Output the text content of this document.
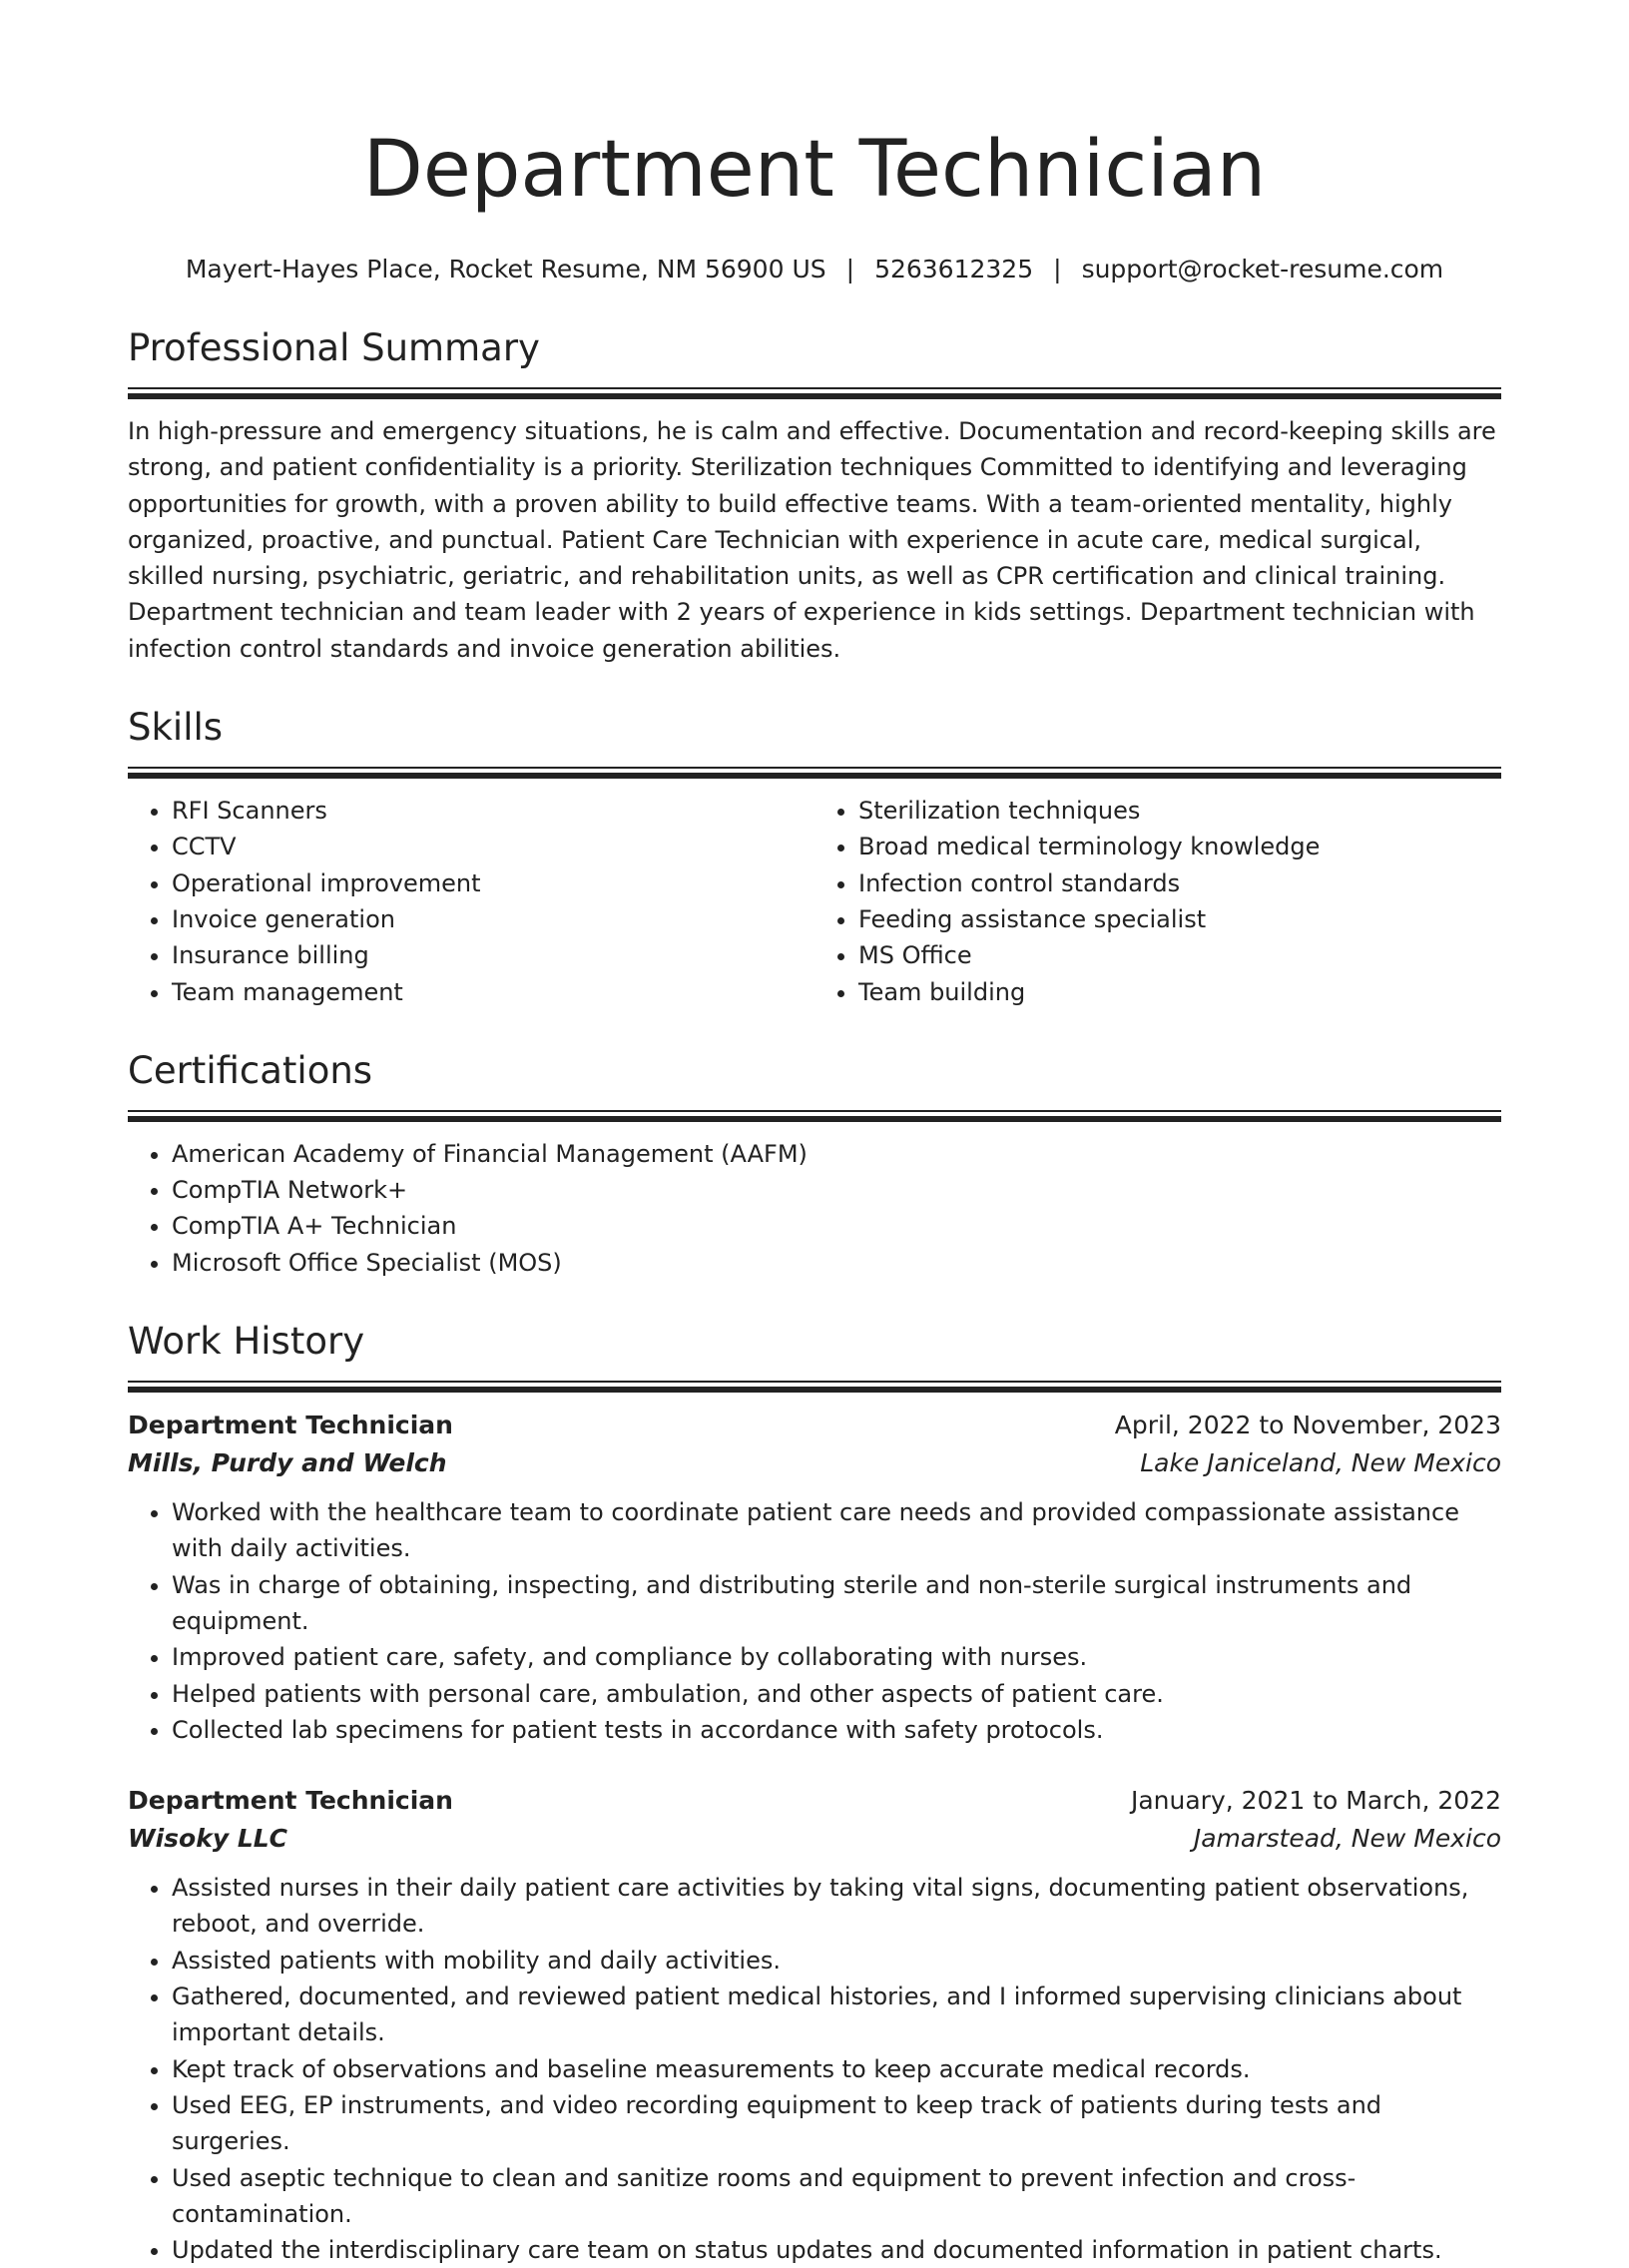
Department Technician
Mayert-Hayes Place, Rocket Resume, NM 56900 US | 5263612325 | support@rocket-resume.com
Professional Summary
In high-pressure and emergency situations, he is calm and effective. Documentation and record-keeping skills are strong, and patient confidentiality is a priority. Sterilization techniques Committed to identifying and leveraging opportunities for growth, with a proven ability to build effective teams. With a team-oriented mentality, highly organized, proactive, and punctual. Patient Care Technician with experience in acute care, medical surgical, skilled nursing, psychiatric, geriatric, and rehabilitation units, as well as CPR certification and clinical training. Department technician and team leader with 2 years of experience in kids settings. Department technician with infection control standards and invoice generation abilities.
Skills
• RFI Scanners
• CCTV
• Operational improvement
• Invoice generation
• Insurance billing
• Team management
• Sterilization techniques
• Broad medical terminology knowledge
• Infection control standards
• Feeding assistance specialist
• MS Office
• Team building
Certifications
• American Academy of Financial Management (AAFM)
• CompTIA Network+
• CompTIA A+ Technician
• Microsoft Office Specialist (MOS)
Work History
Department Technician	April, 2022 to November, 2023
Mills, Purdy and Welch	Lake Janiceland, New Mexico
• Worked with the healthcare team to coordinate patient care needs and provided compassionate assistance with daily activities.
• Was in charge of obtaining, inspecting, and distributing sterile and non-sterile surgical instruments and equipment.
• Improved patient care, safety, and compliance by collaborating with nurses.
• Helped patients with personal care, ambulation, and other aspects of patient care.
• Collected lab specimens for patient tests in accordance with safety protocols.
Department Technician	January, 2021 to March, 2022
Wisoky LLC	Jamarstead, New Mexico
• Assisted nurses in their daily patient care activities by taking vital signs, documenting patient observations, reboot, and override.
• Assisted patients with mobility and daily activities.
• Gathered, documented, and reviewed patient medical histories, and I informed supervising clinicians about important details.
• Kept track of observations and baseline measurements to keep accurate medical records.
• Used EEG, EP instruments, and video recording equipment to keep track of patients during tests and surgeries.
• Used aseptic technique to clean and sanitize rooms and equipment to prevent infection and cross-contamination.
• Updated the interdisciplinary care team on status updates and documented information in patient charts.
